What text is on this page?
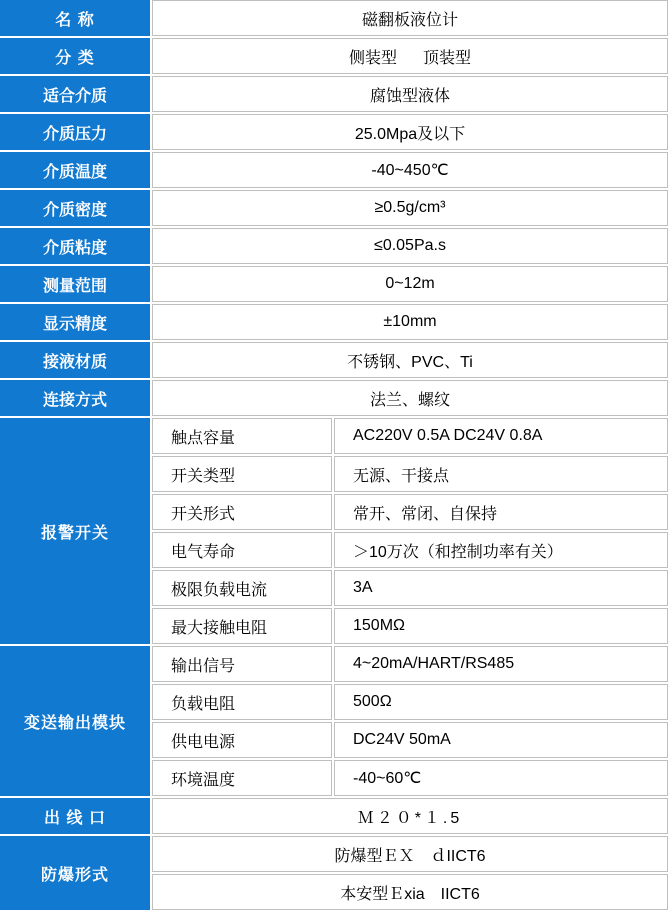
名 称	磁翻板液位计
分 类	侧装型 顶装型
适合介质	腐蚀型液体
介质压力	25.0Mpa及以下
介质温度	-40~450℃
介质密度	≥0.5g/cm³
介质粘度	≤0.05Pa.s
测量范围	0~12m
显示精度	±10mm
接液材质	不锈钢、PVC、Ti
连接方式	法兰、螺纹
报警开关
触点容量	AC220V 0.5A DC24V 0.8A
开关类型	无源、干接点
开关形式	常开、常闭、自保持
电气寿命	＞10万次（和控制功率有关）
极限负载电流	3A
最大接触电阻	150MΩ
变送输出模块
输出信号	4~20mA/HART/RS485
负载电阻	500Ω
供电电源	DC24V 50mA
环境温度	-40~60℃
出 线 口	Ｍ２０*１.5
防爆形式
防爆型ＥＸ　ｄIICT6
本安型Ｅxia　IICT6
